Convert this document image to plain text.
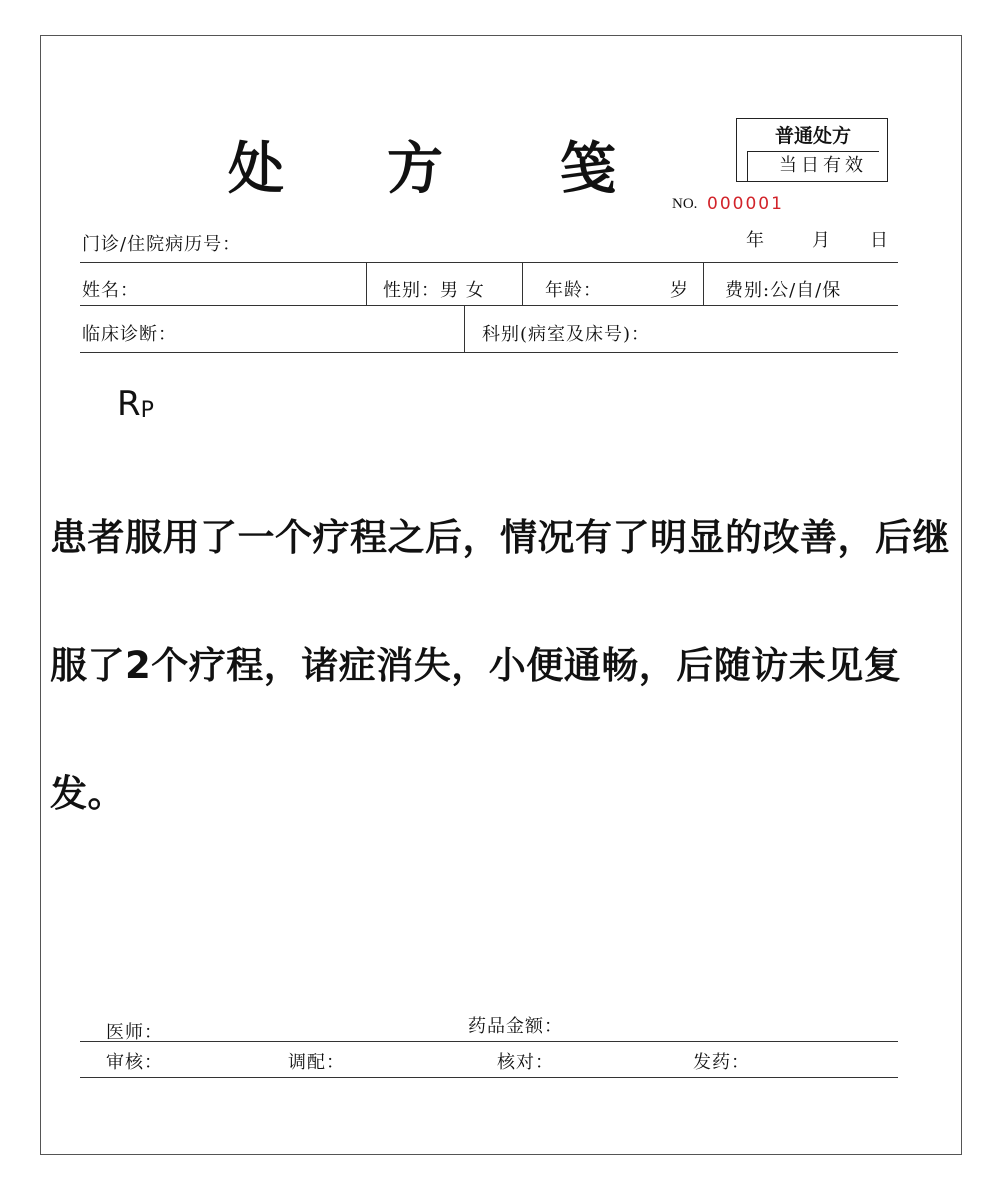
处 方 笺	普通处方
当日有效
NO. 000001
门诊/住院病历号：	年	月 日
姓名：	性别：男 女	年龄：	岁 费别:公/自/保
临床诊断：	科别(病室及床号)：
$R_P$
患者服用了一个疗程之后，情况有了明显的改善，后继服了2个疗程，诸症消失，小便通畅，后随访未见复发。
医师：	药品金额：
审核：	调配：	核对：	发药：
